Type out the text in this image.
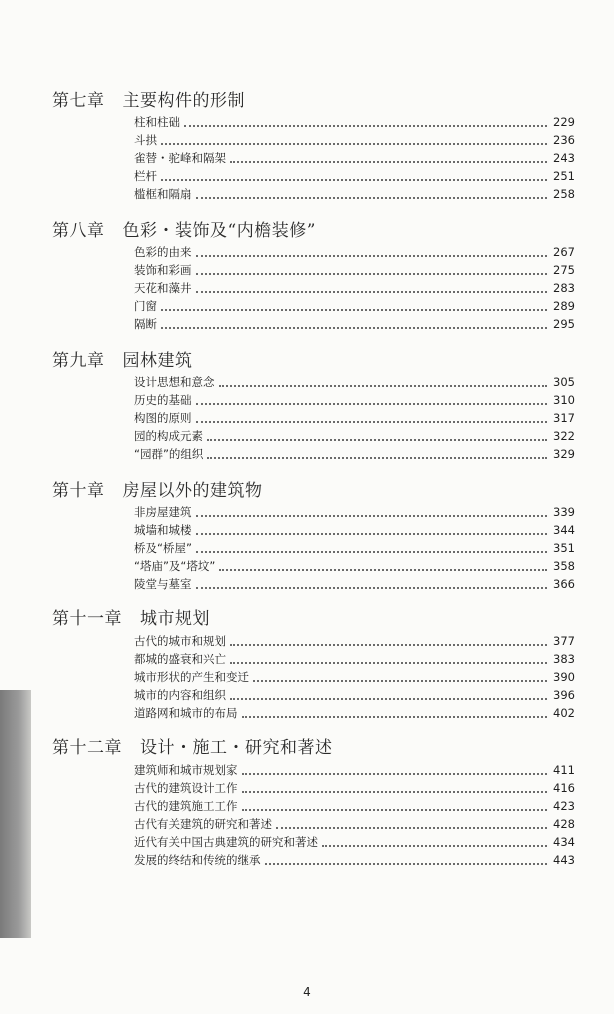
第七章 主要构件的形制
柱和柱础	229
斗拱	236
雀替・驼峰和隔架	243
栏杆	251
槛框和隔扇	258
第八章 色彩・装饰及“内檐装修”
色彩的由来	267
装饰和彩画	275
天花和藻井	283
门窗	289
隔断	295
第九章 园林建筑
设计思想和意念	305
历史的基础	310
构图的原则	317
园的构成元素	322
“园群”的组织	329
第十章 房屋以外的建筑物
非房屋建筑	339
城墙和城楼	344
桥及“桥屋”	351
“塔庙”及“塔坟”	358
陵堂与墓室	366
第十一章 城市规划
古代的城市和规划	377
都城的盛衰和兴亡	383
城市形状的产生和变迁	390
城市的内容和组织	396
道路网和城市的布局	402
第十二章 设计・施工・研究和著述
建筑师和城市规划家	411
古代的建筑设计工作	416
古代的建筑施工工作	423
古代有关建筑的研究和著述	428
近代有关中国古典建筑的研究和著述	434
发展的终结和传统的继承	443
4
